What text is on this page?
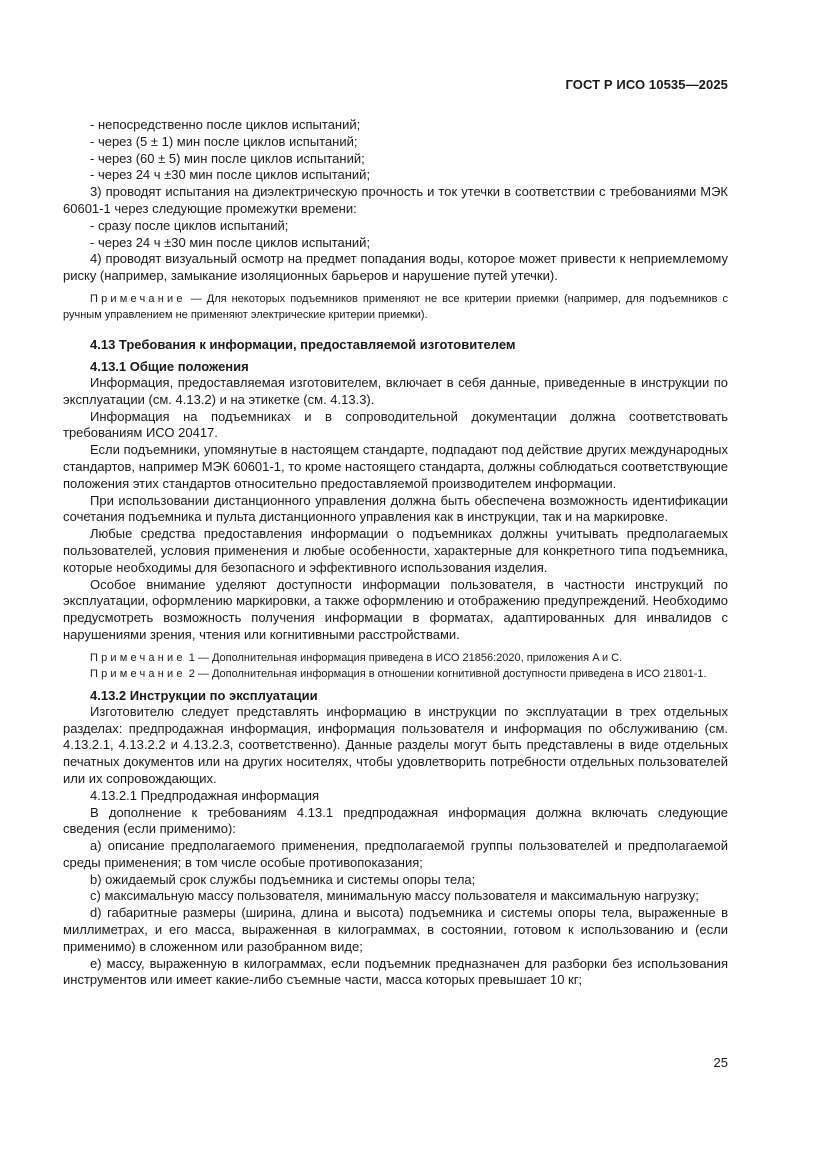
ГОСТ Р ИСО 10535—2025

- непосредственно после циклов испытаний;

- через (5 ± 1) мин после циклов испытаний;

- через (60 ± 5) мин после циклов испытаний;

- через 24 ч ±30 мин после циклов испытаний;

3) проводят испытания на диэлектрическую прочность и ток утечки в соответствии с требованиями МЭК 60601-1 через следующие промежутки времени:

- сразу после циклов испытаний;

- через 24 ч ±30 мин после циклов испытаний;

4) проводят визуальный осмотр на предмет попадания воды, которое может привести к неприемлемому риску (например, замыкание изоляционных барьеров и нарушение путей утечки).

Примечание — Для некоторых подъемников применяют не все критерии приемки (например, для подъемников с ручным управлением не применяют электрические критерии приемки).

4.13 Требования к информации, предоставляемой изготовителем
4.13.1 Общие положения

Информация, предоставляемая изготовителем, включает в себя данные, приведенные в инструкции по эксплуатации (см. 4.13.2) и на этикетке (см. 4.13.3).

Информация на подъемниках и в сопроводительной документации должна соответствовать требованиям ИСО 20417.

Если подъемники, упомянутые в настоящем стандарте, подпадают под действие других международных стандартов, например МЭК 60601-1, то кроме настоящего стандарта, должны соблюдаться соответствующие положения этих стандартов относительно предоставляемой производителем информации.

При использовании дистанционного управления должна быть обеспечена возможность идентификации сочетания подъемника и пульта дистанционного управления как в инструкции, так и на маркировке.

Любые средства предоставления информации о подъемниках должны учитывать предполагаемых пользователей, условия применения и любые особенности, характерные для конкретного типа подъемника, которые необходимы для безопасного и эффективного использования изделия.

Особое внимание уделяют доступности информации пользователя, в частности инструкций по эксплуатации, оформлению маркировки, а также оформлению и отображению предупреждений. Необходимо предусмотреть возможность получения информации в форматах, адаптированных для инвалидов с нарушениями зрения, чтения или когнитивными расстройствами.

Примечание 1 — Дополнительная информация приведена в ИСО 21856:2020, приложения A и C.

Примечание 2 — Дополнительная информация в отношении когнитивной доступности приведена в ИСО 21801-1.

4.13.2 Инструкции по эксплуатации

Изготовителю следует представлять информацию в инструкции по эксплуатации в трех отдельных разделах: предпродажная информация, информация пользователя и информация по обслуживанию (см. 4.13.2.1, 4.13.2.2 и 4.13.2.3, соответственно). Данные разделы могут быть представлены в виде отдельных печатных документов или на других носителях, чтобы удовлетворить потребности отдельных пользователей или их сопровождающих.

4.13.2.1 Предпродажная информация

В дополнение к требованиям 4.13.1 предпродажная информация должна включать следующие сведения (если применимо):

a) описание предполагаемого применения, предполагаемой группы пользователей и предполагаемой среды применения; в том числе особые противопоказания;

b) ожидаемый срок службы подъемника и системы опоры тела;

c) максимальную массу пользователя, минимальную массу пользователя и максимальную нагрузку;

d) габаритные размеры (ширина, длина и высота) подъемника и системы опоры тела, выраженные в миллиметрах, и его масса, выраженная в килограммах, в состоянии, готовом к использованию и (если применимо) в сложенном или разобранном виде;

e) массу, выраженную в килограммах, если подъемник предназначен для разборки без использования инструментов или имеет какие-либо съемные части, масса которых превышает 10 кг;

25
